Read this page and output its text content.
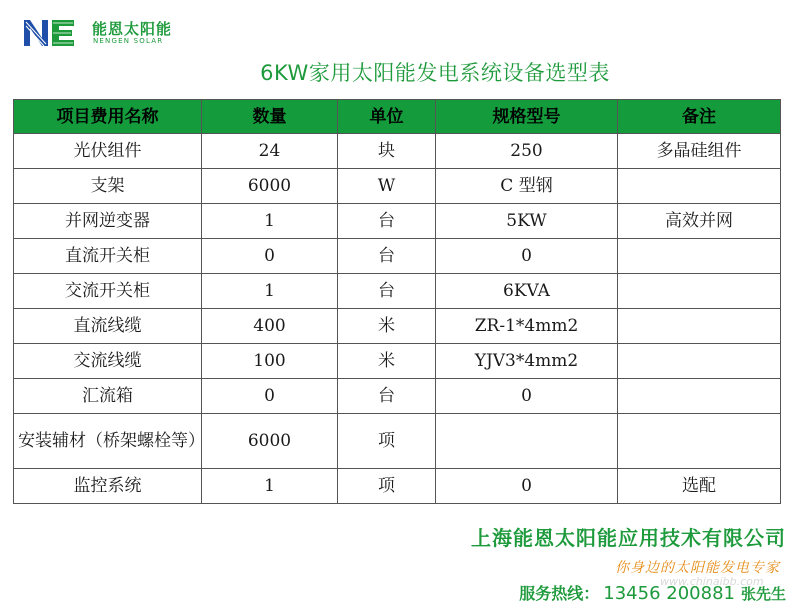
能恩太阳能
NENGEN SOLAR
6KW家用太阳能发电系统设备选型表
项目费用名称	数量	单位	规格型号	备注
光伏组件	24	块	250	多晶硅组件
支架	6000	W	C 型钢	
并网逆变器	1	台	5KW	高效并网
直流开关柜	0	台	0	
交流开关柜	1	台	6KVA	
直流线缆	400	米	ZR-1*4mm2	
交流线缆	100	米	YJV3*4mm2	
汇流箱	0	台	0	
安装辅材（桥架螺栓等）	6000	项		
监控系统	1	项	0	选配
上海能恩太阳能应用技术有限公司
你身边的太阳能发电专家
www.chinaibb.com
服务热线： 13456 200881 张先生
